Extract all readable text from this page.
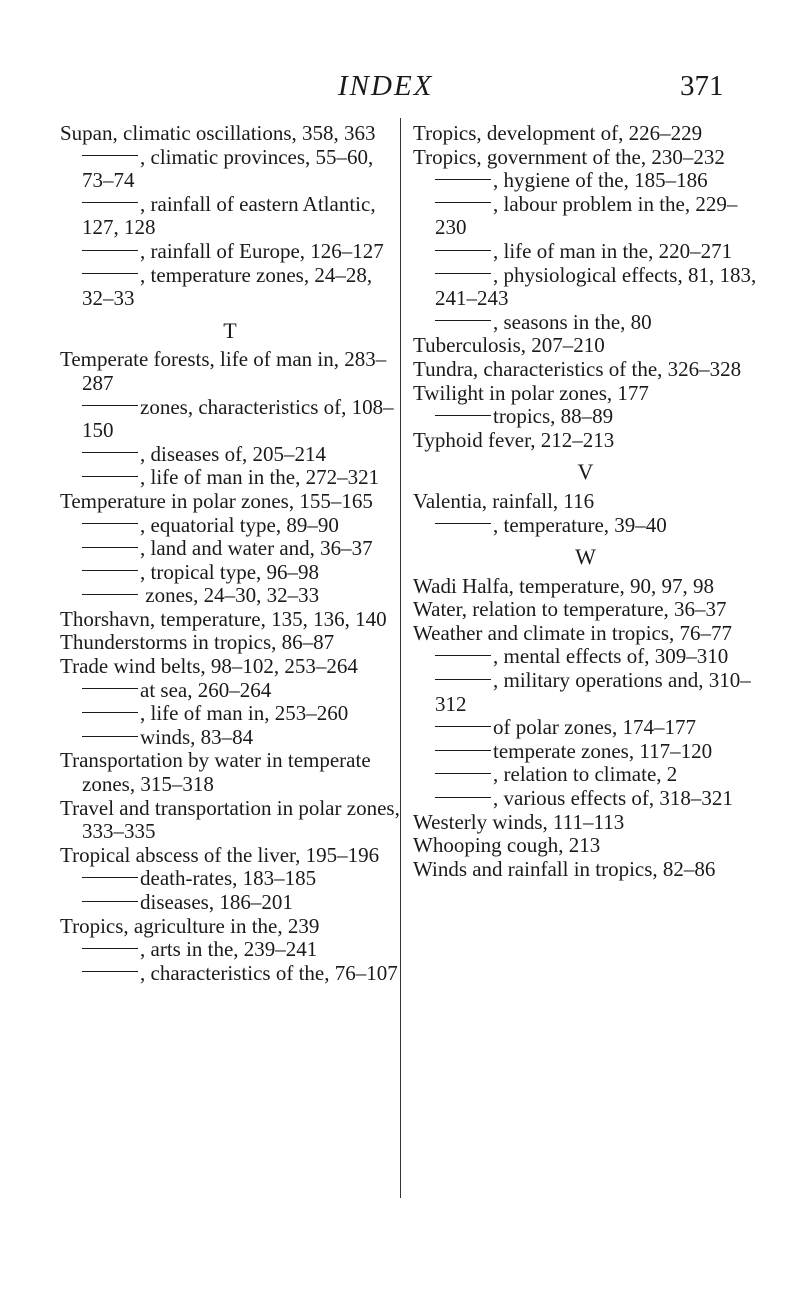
INDEX	371

Supan, climatic oscillations, 358, 363

, climatic provinces, 55–60, 73–74

, rainfall of eastern Atlantic, 127, 128

, rainfall of Europe, 126–127

, temperature zones, 24–28, 32–33

T

Temperate forests, life of man in, 283–287

zones, characteristics of, 108–150

, diseases of, 205–214

, life of man in the, 272–321

Temperature in polar zones, 155–165

, equatorial type, 89–90

, land and water and, 36–37

, tropical type, 96–98

zones, 24–30, 32–33

Thorshavn, temperature, 135, 136, 140

Thunderstorms in tropics, 86–87

Trade wind belts, 98–102, 253–264

at sea, 260–264

, life of man in, 253–260

winds, 83–84

Transportation by water in temperate zones, 315–318

Travel and transportation in polar zones, 333–335

Tropical abscess of the liver, 195–196

death-rates, 183–185

diseases, 186–201

Tropics, agriculture in the, 239

, arts in the, 239–241

, characteristics of the, 76–107

Tropics, development of, 226–229

Tropics, government of the, 230–232

, hygiene of the, 185–186

, labour problem in the, 229–230

, life of man in the, 220–271

, physiological effects, 81, 183, 241–243

, seasons in the, 80

Tuberculosis, 207–210

Tundra, characteristics of the, 326–328

Twilight in polar zones, 177

tropics, 88–89

Typhoid fever, 212–213

V

Valentia, rainfall, 116

, temperature, 39–40

W

Wadi Halfa, temperature, 90, 97, 98

Water, relation to temperature, 36–37

Weather and climate in tropics, 76–77

, mental effects of, 309–310

, military operations and, 310–312

of polar zones, 174–177

temperate zones, 117–120

, relation to climate, 2

, various effects of, 318–321

Westerly winds, 111–113

Whooping cough, 213

Winds and rainfall in tropics, 82–86
